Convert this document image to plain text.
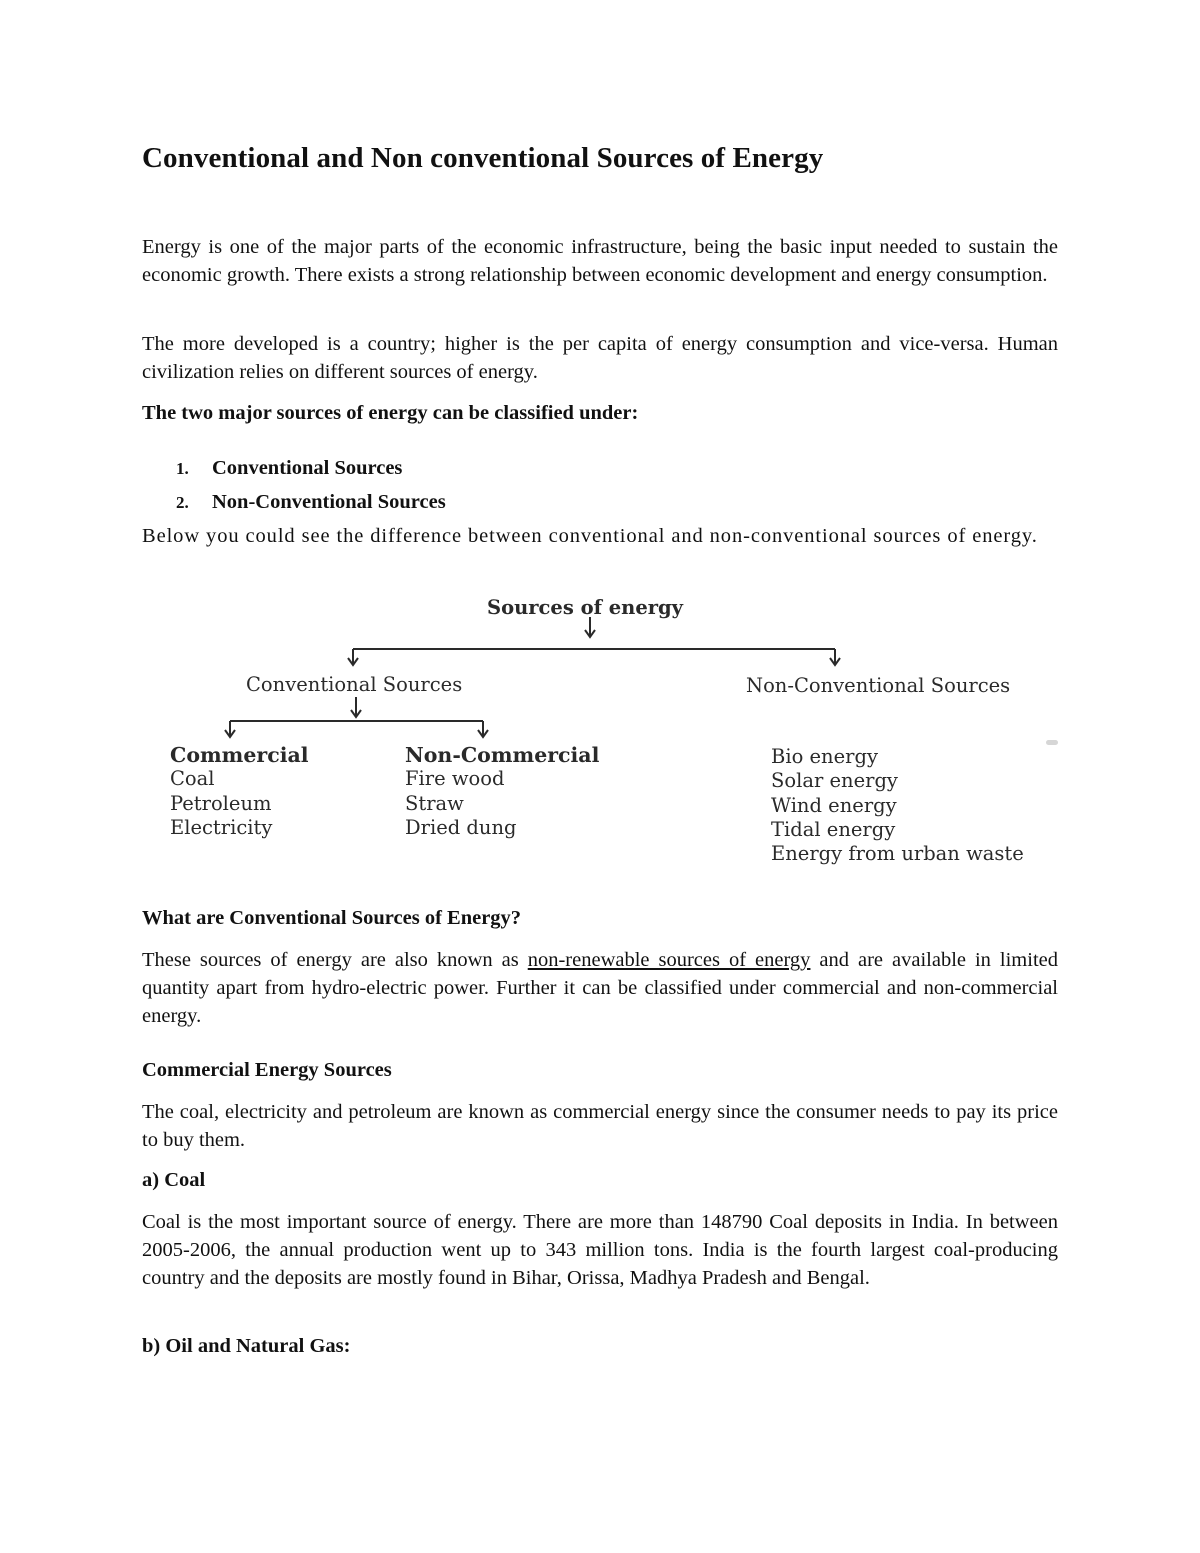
Conventional and Non conventional Sources of Energy

Energy is one of the major parts of the economic infrastructure, being the basic input needed to sustain the economic growth. There exists a strong relationship between economic development and energy consumption.

The more developed is a country; higher is the per capita of energy consumption and vice-versa. Human civilization relies on different sources of energy.

The two major sources of energy can be classified under:

1. Conventional Sources
2. Non-Conventional Sources

Below you could see the difference between conventional and non-conventional sources of energy.

Sources of energy
Conventional Sources	Non-Conventional Sources
Commercial
Coal
Petroleum
Electricity
Non-Commercial
Fire wood
Straw
Dried dung
Bio energy
Solar energy
Wind energy
Tidal energy
Energy from urban waste

What are Conventional Sources of Energy?

These sources of energy are also known as non-renewable sources of energy and are available in limited quantity apart from hydro-electric power. Further it can be classified under commercial and non-commercial energy.

Commercial Energy Sources

The coal, electricity and petroleum are known as commercial energy since the consumer needs to pay its price to buy them.

a) Coal

Coal is the most important source of energy. There are more than 148790 Coal deposits in India. In between 2005-2006, the annual production went up to 343 million tons. India is the fourth largest coal-producing country and the deposits are mostly found in Bihar, Orissa, Madhya Pradesh and Bengal.

b) Oil and Natural Gas:
